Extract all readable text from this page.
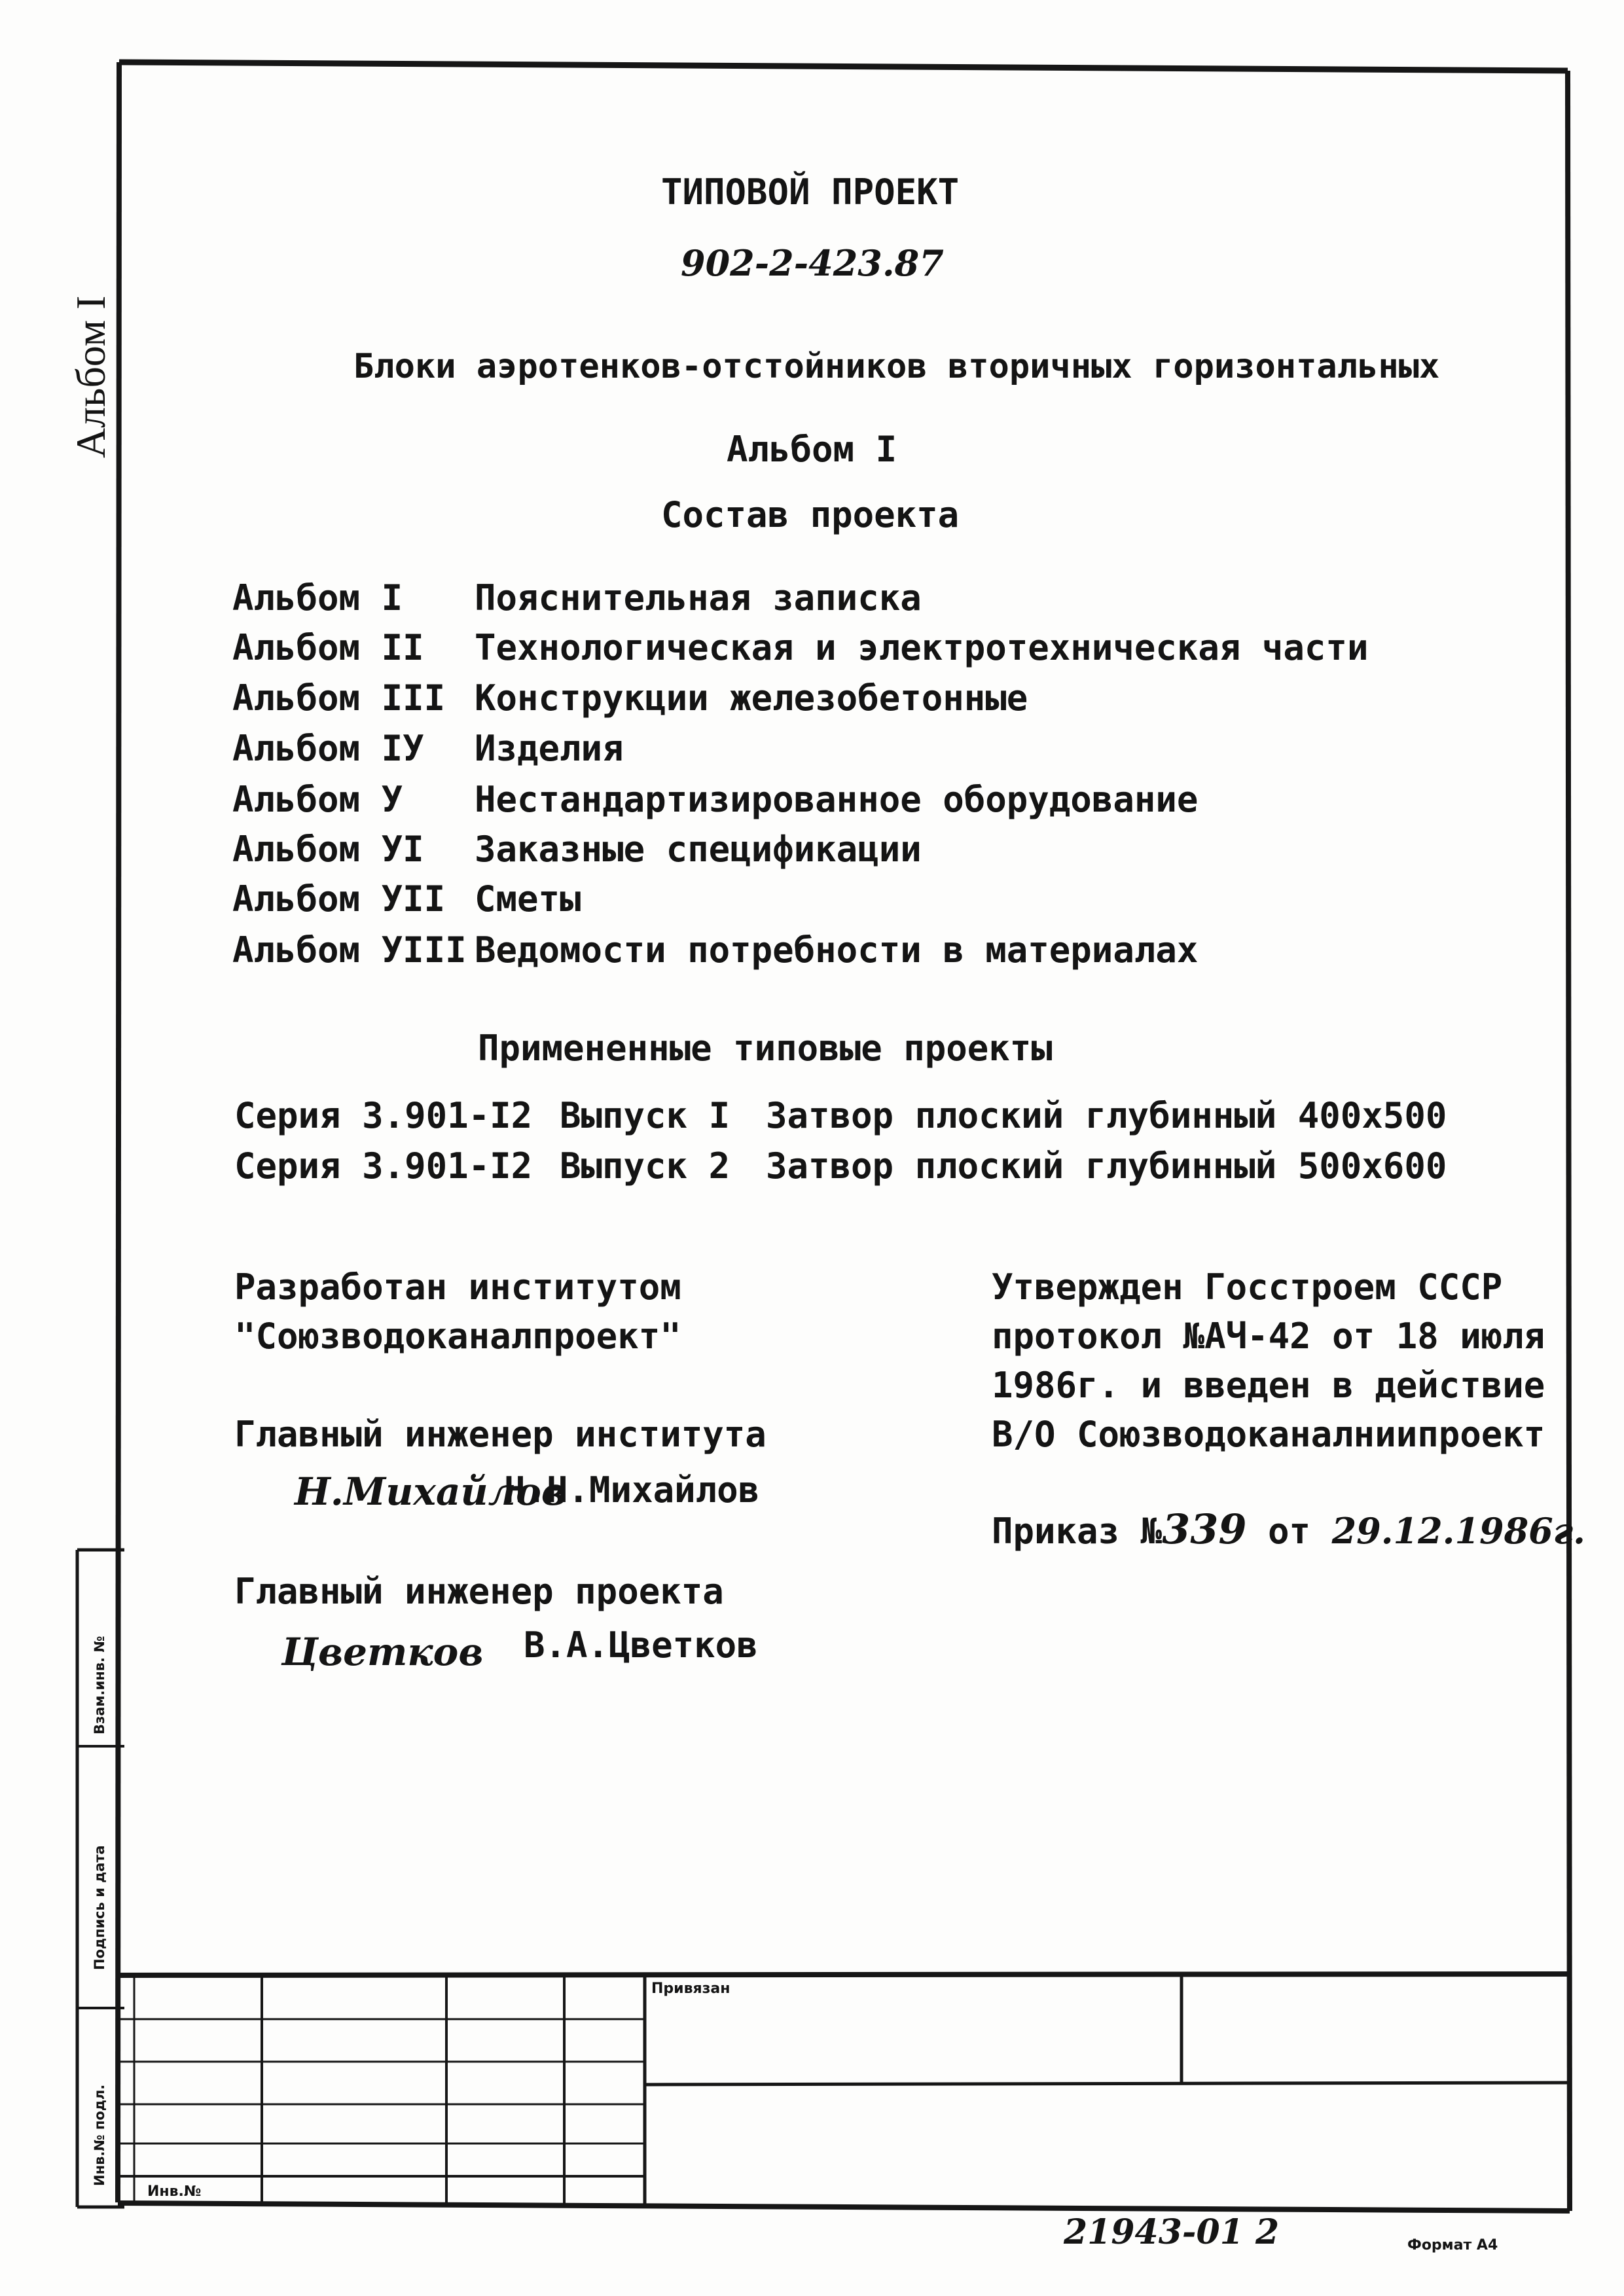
Альбом I
Взам.инв. №
Подпись и дата
Инв.№ подл.
ТИПОВОЙ ПРОЕКТ
902-2-423.87
Блоки аэротенков-отстойников вторичных горизонтальных
Альбом I
Состав проекта
Альбом I Пояснительная записка
Альбом II Технологическая и электротехническая части
Альбом III Конструкции железобетонные
Альбом IУ Изделия
Альбом У Нестандартизированное оборудование
Альбом УI Заказные спецификации
Альбом УII Сметы
Альбом УIII Ведомости потребности в материалах
Примененные типовые проекты
Серия 3.901-I2 Выпуск I Затвор плоский глубинный 400x500
Серия 3.901-I2 Выпуск 2 Затвор плоский глубинный 500x600
Разработан институтом
"Союзводоканалпроект"
Утвержден Госстроем СССР
протокол №АЧ-42 от 18 июля
1986г. и введен в действие
В/О Союзводоканалниипроект
Приказ №339 от 29.12.1986г.
Главный инженер института
Н.Михайлов
Н.Н.Михайлов
Главный инженер проекта
Цветков В.А.Цветков
Привязан
Инв.№
21943-01 2	Формат А4
